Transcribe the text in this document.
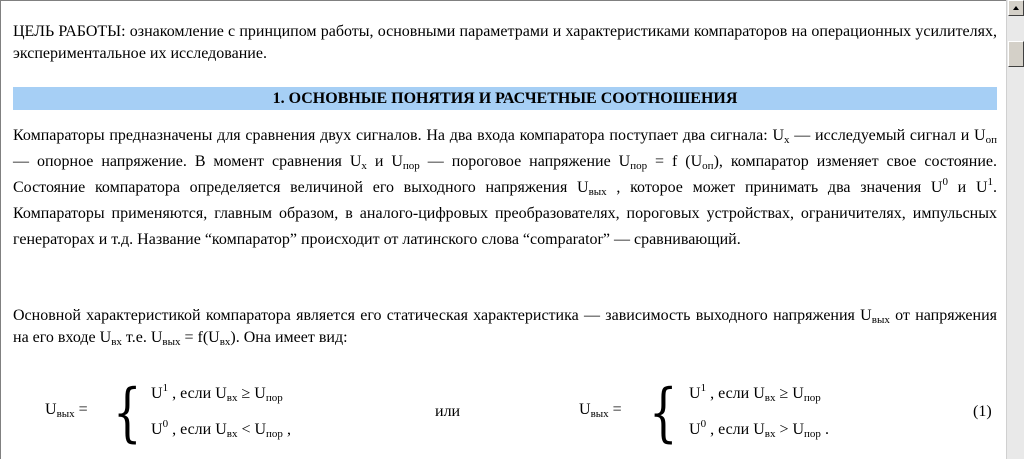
ЦЕЛЬ РАБОТЫ: ознакомление с принципом работы, основными параметрами и характеристиками компараторов на операционных усилителях, экспериментальное их исследование.
1. ОСНОВНЫЕ ПОНЯТИЯ И РАСЧЕТНЫЕ СООТНОШЕНИЯ
Компараторы предназначены для сравнения двух сигналов. На два входа компаратора поступает два сигнала: $U_x$ — исследуемый сигнал и $U_{оп}$ — опорное напряжение. В момент сравнения $U_x$ и $U_{пор}$ — пороговое напряжение $U_{пор} = f$ $(U_{оп})$, компаратор изменяет свое состояние. Состояние компаратора определяется величиной его выходного напряжения $U_{вых}$ , которое может принимать два значения $U^0$ и $U^1$. Компараторы применяются, главным образом, в аналого-цифровых преобразователях, пороговых устройствах, ограничителях, импульсных генераторах и т.д. Название “компаратор” происходит от латинского слова “comparator” — сравнивающий.
Основной характеристикой компаратора является его статическая характеристика — зависимость выходного напряжения $U_{вых}$ от напряжения на его входе $U_{вх}$ т.е. $U_{вых} = f(U_{вх})$. Она имеет вид:
$U_{вых}$ = { $U^1$ , если $U_{вх} \ge U_{пор}$
$U^0$ , если $U_{вх} < U_{пор}$ ,
или	$U_{вых}$ = { $U^1$ , если $U_{вх} \ge U_{пор}$
$U^0$ , если $U_{вх} > U_{пор}$ .
(1)
